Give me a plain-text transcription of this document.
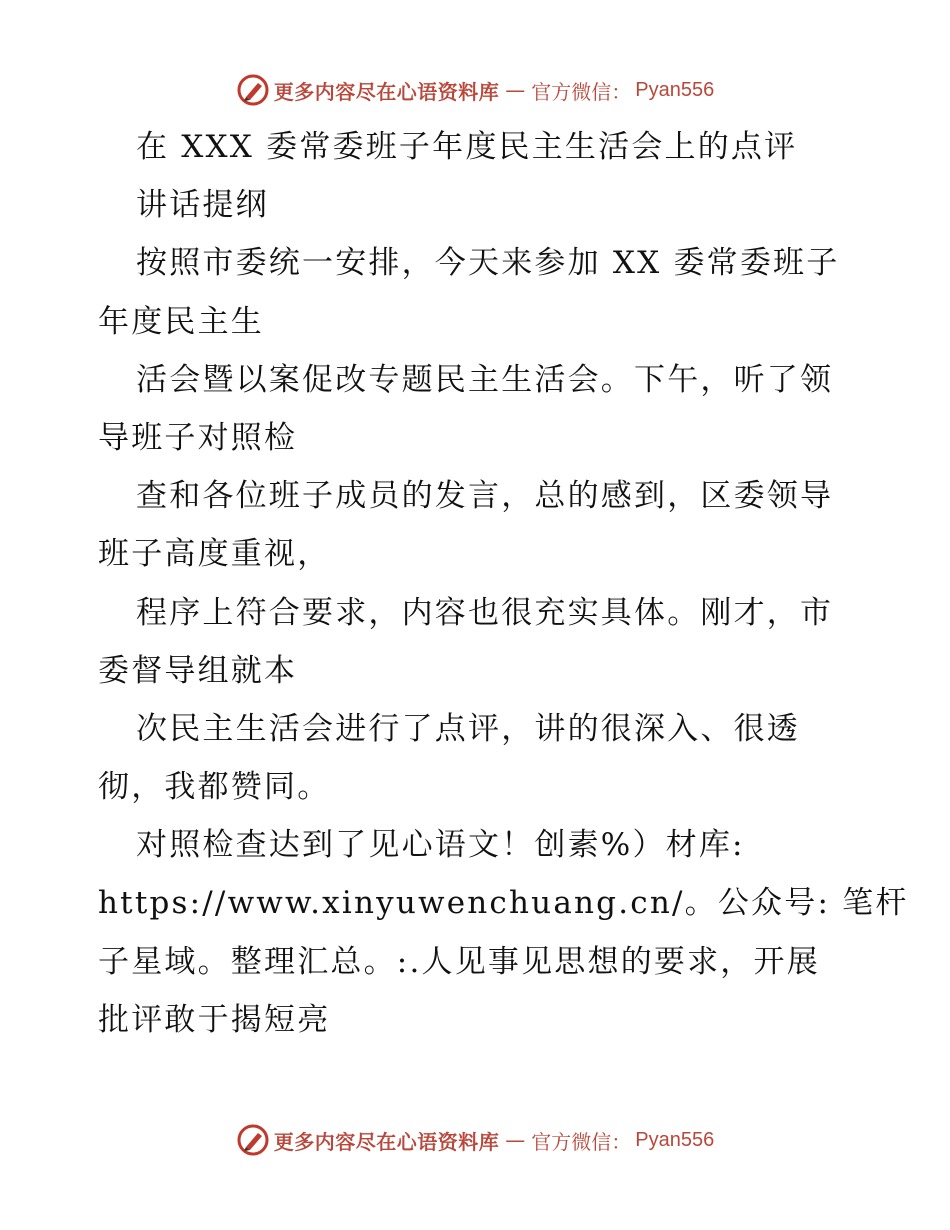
更多内容尽在心语资料库 — 官方微信： Pyan556
在 XXX 委常委班子年度民主生活会上的点评
讲话提纲
按照市委统一安排，今天来参加 XX 委常委班子
年度民主生
活会暨以案促改专题民主生活会。下午，听了领
导班子对照检
查和各位班子成员的发言，总的感到，区委领导
班子高度重视，
程序上符合要求，内容也很充实具体。刚才，市
委督导组就本
次民主生活会进行了点评，讲的很深入、很透
彻，我都赞同。
对照检查达到了见心语文！创素%）材库:
https://www.xinyuwenchuang.cn/。公众号: 笔杆
子星域。整理汇总。:.人见事见思想的要求，开展
批评敢于揭短亮
更多内容尽在心语资料库 — 官方微信： Pyan556
